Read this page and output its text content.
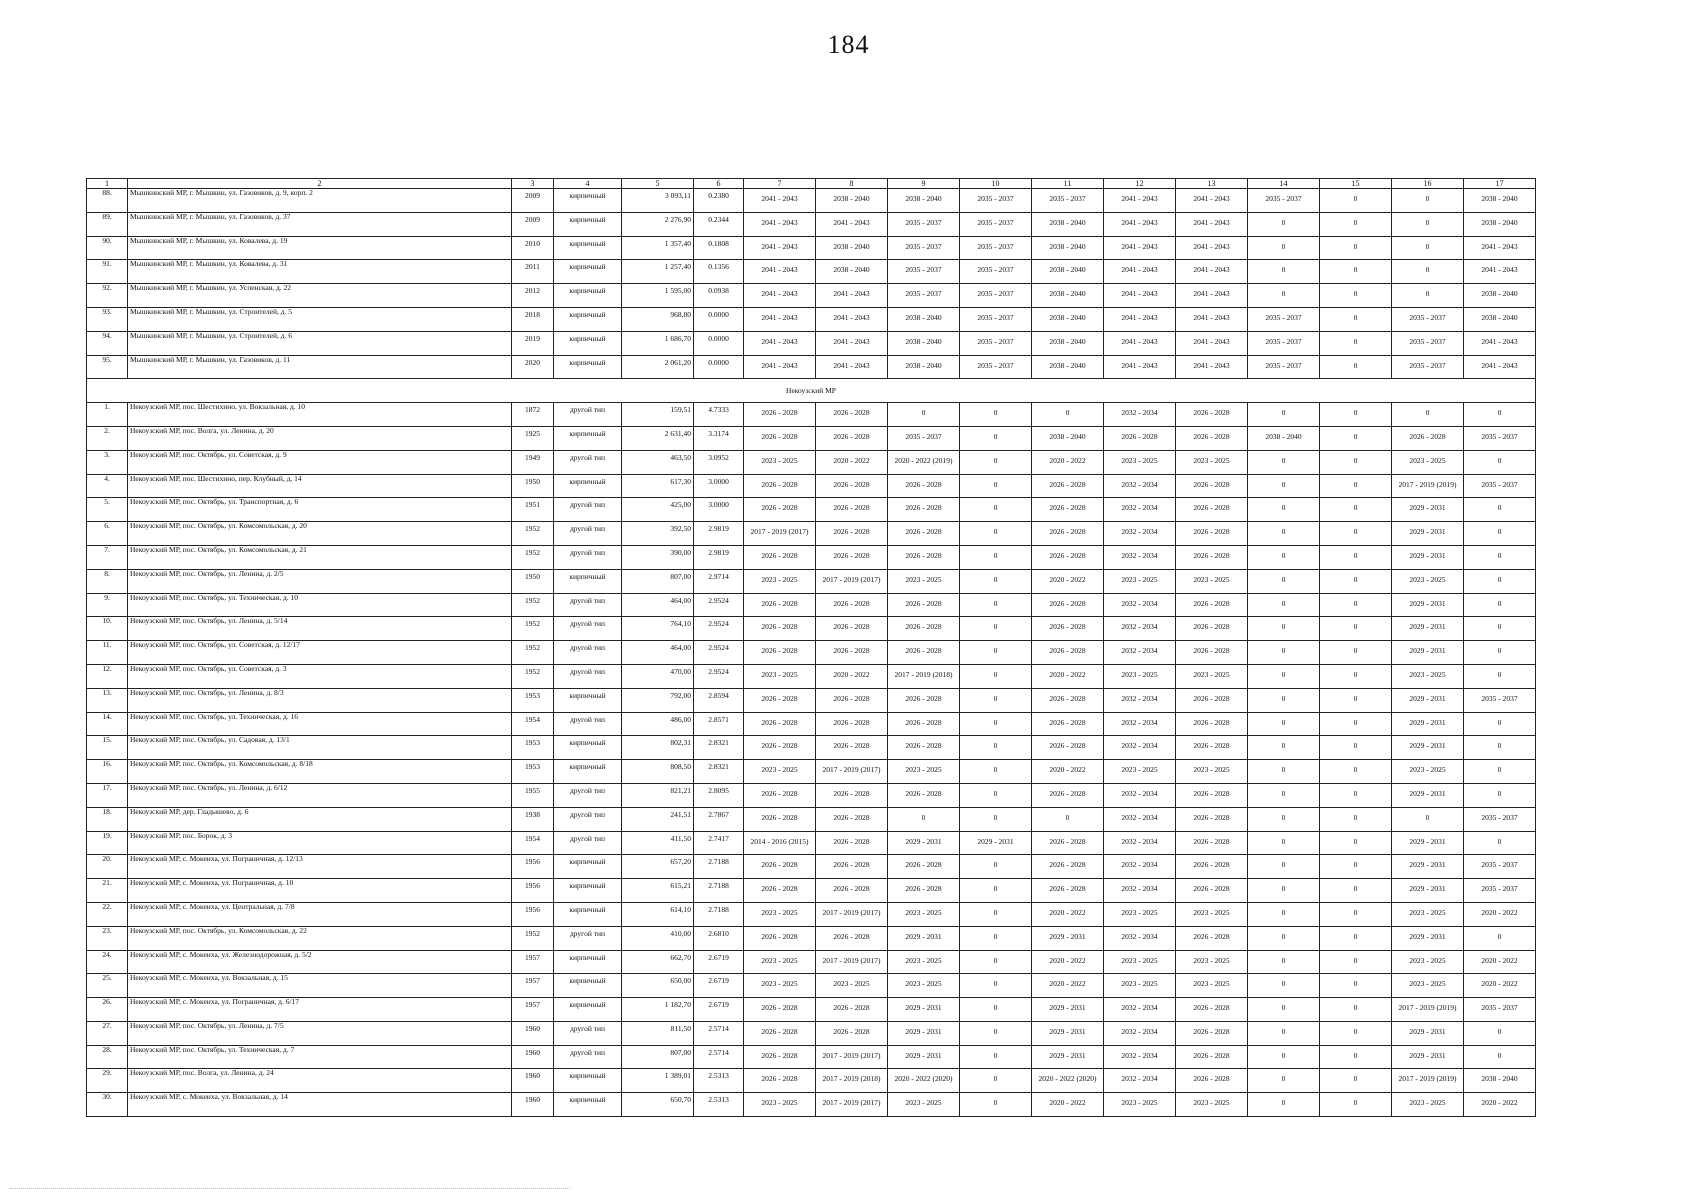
184
1	2	3	4	5	6	7	8	9	10	11	12	13	14	15	16	17
88.	Мышкинский МР, г. Мышкин, ул. Газовиков, д. 9, корп. 2	2009	кирпичный	3 093,11	0.2380	2041 - 2043	2038 - 2040	2038 - 2040	2035 - 2037	2035 - 2037	2041 - 2043	2041 - 2043	2035 - 2037	0	0	2038 - 2040
89.	Мышкинский МР, г. Мышкин, ул. Газовиков, д. 37	2009	кирпичный	2 276,90	0.2344	2041 - 2043	2041 - 2043	2035 - 2037	2035 - 2037	2038 - 2040	2041 - 2043	2041 - 2043	0	0	0	2038 - 2040
90.	Мышкинский МР, г. Мышкин, ул. Ковалева, д. 19	2010	кирпичный	1 357,40	0.1808	2041 - 2043	2038 - 2040	2035 - 2037	2035 - 2037	2038 - 2040	2041 - 2043	2041 - 2043	0	0	0	2041 - 2043
91.	Мышкинский МР, г. Мышкин, ул. Ковалева, д. 31	2011	кирпичный	1 257,40	0.1356	2041 - 2043	2038 - 2040	2035 - 2037	2035 - 2037	2038 - 2040	2041 - 2043	2041 - 2043	0	0	0	2041 - 2043
92.	Мышкинский МР, г. Мышкин, ул. Успенская, д. 22	2012	кирпичный	1 595,00	0.0938	2041 - 2043	2041 - 2043	2035 - 2037	2035 - 2037	2038 - 2040	2041 - 2043	2041 - 2043	0	0	0	2038 - 2040
93.	Мышкинский МР, г. Мышкин, ул. Строителей, д. 5	2018	кирпичный	968,80	0.0000	2041 - 2043	2041 - 2043	2038 - 2040	2035 - 2037	2038 - 2040	2041 - 2043	2041 - 2043	2035 - 2037	0	2035 - 2037	2038 - 2040
94.	Мышкинский МР, г. Мышкин, ул. Строителей, д. 6	2019	кирпичный	1 686,70	0.0000	2041 - 2043	2041 - 2043	2038 - 2040	2035 - 2037	2038 - 2040	2041 - 2043	2041 - 2043	2035 - 2037	0	2035 - 2037	2041 - 2043
95.	Мышкинский МР, г. Мышкин, ул. Газовиков, д. 11	2020	кирпичный	2 061,20	0.0000	2041 - 2043	2041 - 2043	2038 - 2040	2035 - 2037	2038 - 2040	2041 - 2043	2041 - 2043	2035 - 2037	0	2035 - 2037	2041 - 2043
Некоузский МР																
1.	Некоузский МР, пос. Шестихино, ул. Вокзальная, д. 10	1872	другой тип	159,51	4.7333	2026 - 2028	2026 - 2028	0	0	0	2032 - 2034	2026 - 2028	0	0	0	0
2.	Некоузский МР, пос. Волга, ул. Ленина, д. 20	1925	кирпичный	2 631,40	3.3174	2026 - 2028	2026 - 2028	2035 - 2037	0	2038 - 2040	2026 - 2028	2026 - 2028	2038 - 2040	0	2026 - 2028	2035 - 2037
3.	Некоузский МР, пос. Октябрь, ул. Советская, д. 9	1949	другой тип	463,50	3.0952	2023 - 2025	2020 - 2022	2020 - 2022 (2019)	0	2020 - 2022	2023 - 2025	2023 - 2025	0	0	2023 - 2025	0
4.	Некоузский МР, пос. Шестихино, пер. Клубный, д. 14	1950	кирпичный	617,30	3.0000	2026 - 2028	2026 - 2028	2026 - 2028	0	2026 - 2028	2032 - 2034	2026 - 2028	0	0	2017 - 2019 (2019)	2035 - 2037
5.	Некоузский МР, пос. Октябрь, ул. Транспортная, д. 6	1951	другой тип	425,00	3.0000	2026 - 2028	2026 - 2028	2026 - 2028	0	2026 - 2028	2032 - 2034	2026 - 2028	0	0	2029 - 2031	0
6.	Некоузский МР, пос. Октябрь, ул. Комсомольская, д. 20	1952	другой тип	392,50	2.9819	2017 - 2019 (2017)	2026 - 2028	2026 - 2028	0	2026 - 2028	2032 - 2034	2026 - 2028	0	0	2029 - 2031	0
7.	Некоузский МР, пос. Октябрь, ул. Комсомольская, д. 21	1952	другой тип	390,00	2.9819	2026 - 2028	2026 - 2028	2026 - 2028	0	2026 - 2028	2032 - 2034	2026 - 2028	0	0	2029 - 2031	0
8.	Некоузский МР, пос. Октябрь, ул. Ленина, д. 2/5	1950	кирпичный	807,00	2.9714	2023 - 2025	2017 - 2019 (2017)	2023 - 2025	0	2020 - 2022	2023 - 2025	2023 - 2025	0	0	2023 - 2025	0
9.	Некоузский МР, пос. Октябрь, ул. Техническая, д. 10	1952	другой тип	464,00	2.9524	2026 - 2028	2026 - 2028	2026 - 2028	0	2026 - 2028	2032 - 2034	2026 - 2028	0	0	2029 - 2031	0
10.	Некоузский МР, пос. Октябрь, ул. Ленина, д. 5/14	1952	другой тип	764,10	2.9524	2026 - 2028	2026 - 2028	2026 - 2028	0	2026 - 2028	2032 - 2034	2026 - 2028	0	0	2029 - 2031	0
11.	Некоузский МР, пос. Октябрь, ул. Советская, д. 12/17	1952	другой тип	464,00	2.9524	2026 - 2028	2026 - 2028	2026 - 2028	0	2026 - 2028	2032 - 2034	2026 - 2028	0	0	2029 - 2031	0
12.	Некоузский МР, пос. Октябрь, ул. Советская, д. 3	1952	другой тип	470,00	2.9524	2023 - 2025	2020 - 2022	2017 - 2019 (2018)	0	2020 - 2022	2023 - 2025	2023 - 2025	0	0	2023 - 2025	0
13.	Некоузский МР, пос. Октябрь, ул. Ленина, д. 8/3	1953	кирпичный	792,00	2.8594	2026 - 2028	2026 - 2028	2026 - 2028	0	2026 - 2028	2032 - 2034	2026 - 2028	0	0	2029 - 2031	2035 - 2037
14.	Некоузский МР, пос. Октябрь, ул. Техническая, д. 16	1954	другой тип	486,00	2.8571	2026 - 2028	2026 - 2028	2026 - 2028	0	2026 - 2028	2032 - 2034	2026 - 2028	0	0	2029 - 2031	0
15.	Некоузский МР, пос. Октябрь, ул. Садовая, д. 13/1	1953	кирпичный	802,31	2.8321	2026 - 2028	2026 - 2028	2026 - 2028	0	2026 - 2028	2032 - 2034	2026 - 2028	0	0	2029 - 2031	0
16.	Некоузский МР, пос. Октябрь, ул. Комсомольская, д. 8/18	1953	кирпичный	808,50	2.8321	2023 - 2025	2017 - 2019 (2017)	2023 - 2025	0	2020 - 2022	2023 - 2025	2023 - 2025	0	0	2023 - 2025	0
17.	Некоузский МР, пос. Октябрь, ул. Ленина, д. 6/12	1955	другой тип	821,21	2.8095	2026 - 2028	2026 - 2028	2026 - 2028	0	2026 - 2028	2032 - 2034	2026 - 2028	0	0	2029 - 2031	0
18.	Некоузский МР, дер. Гладышево, д. 6	1938	другой тип	241,51	2.7867	2026 - 2028	2026 - 2028	0	0	0	2032 - 2034	2026 - 2028	0	0	0	2035 - 2037
19.	Некоузский МР, пос. Борок, д. 3	1954	другой тип	411,50	2.7417	2014 - 2016 (2015)	2026 - 2028	2029 - 2031	2029 - 2031	2026 - 2028	2032 - 2034	2026 - 2028	0	0	2029 - 2031	0
20.	Некоузский МР, с. Мокеиха, ул. Пограничная, д. 12/13	1956	кирпичный	657,20	2.7188	2026 - 2028	2026 - 2028	2026 - 2028	0	2026 - 2028	2032 - 2034	2026 - 2028	0	0	2029 - 2031	2035 - 2037
21.	Некоузский МР, с. Мокеиха, ул. Пограничная, д. 10	1956	кирпичный	615,21	2.7188	2026 - 2028	2026 - 2028	2026 - 2028	0	2026 - 2028	2032 - 2034	2026 - 2028	0	0	2029 - 2031	2035 - 2037
22.	Некоузский МР, с. Мокеиха, ул. Центральная, д. 7/8	1956	кирпичный	614,10	2.7188	2023 - 2025	2017 - 2019 (2017)	2023 - 2025	0	2020 - 2022	2023 - 2025	2023 - 2025	0	0	2023 - 2025	2020 - 2022
23.	Некоузский МР, пос. Октябрь, ул. Комсомольская, д. 22	1952	другой тип	410,00	2.6810	2026 - 2028	2026 - 2028	2029 - 2031	0	2029 - 2031	2032 - 2034	2026 - 2028	0	0	2029 - 2031	0
24.	Некоузский МР, с. Мокеиха, ул. Железнодорожная, д. 5/2	1957	кирпичный	662,70	2.6719	2023 - 2025	2017 - 2019 (2017)	2023 - 2025	0	2020 - 2022	2023 - 2025	2023 - 2025	0	0	2023 - 2025	2020 - 2022
25.	Некоузский МР, с. Мокеиха, ул. Вокзальная, д. 15	1957	кирпичный	650,00	2.6719	2023 - 2025	2023 - 2025	2023 - 2025	0	2020 - 2022	2023 - 2025	2023 - 2025	0	0	2023 - 2025	2020 - 2022
26.	Некоузский МР, с. Мокеиха, ул. Пограничная, д. 6/17	1957	кирпичный	1 182,70	2.6719	2026 - 2028	2026 - 2028	2029 - 2031	0	2029 - 2031	2032 - 2034	2026 - 2028	0	0	2017 - 2019 (2019)	2035 - 2037
27.	Некоузский МР, пос. Октябрь, ул. Ленина, д. 7/5	1960	другой тип	811,50	2.5714	2026 - 2028	2026 - 2028	2029 - 2031	0	2029 - 2031	2032 - 2034	2026 - 2028	0	0	2029 - 2031	0
28.	Некоузский МР, пос. Октябрь, ул. Техническая, д. 7	1960	другой тип	807,00	2.5714	2026 - 2028	2017 - 2019 (2017)	2029 - 2031	0	2029 - 2031	2032 - 2034	2026 - 2028	0	0	2029 - 2031	0
29.	Некоузский МР, пос. Волга, ул. Ленина, д. 24	1960	кирпичный	1 389,01	2.5313	2026 - 2028	2017 - 2019 (2018)	2020 - 2022 (2020)	0	2020 - 2022 (2020)	2032 - 2034	2026 - 2028	0	0	2017 - 2019 (2019)	2038 - 2040
30.	Некоузский МР, с. Мокеиха, ул. Вокзальная, д. 14	1960	кирпичный	650,70	2.5313	2023 - 2025	2017 - 2019 (2017)	2023 - 2025	0	2020 - 2022	2023 - 2025	2023 - 2025	0	0	2023 - 2025	2020 - 2022
